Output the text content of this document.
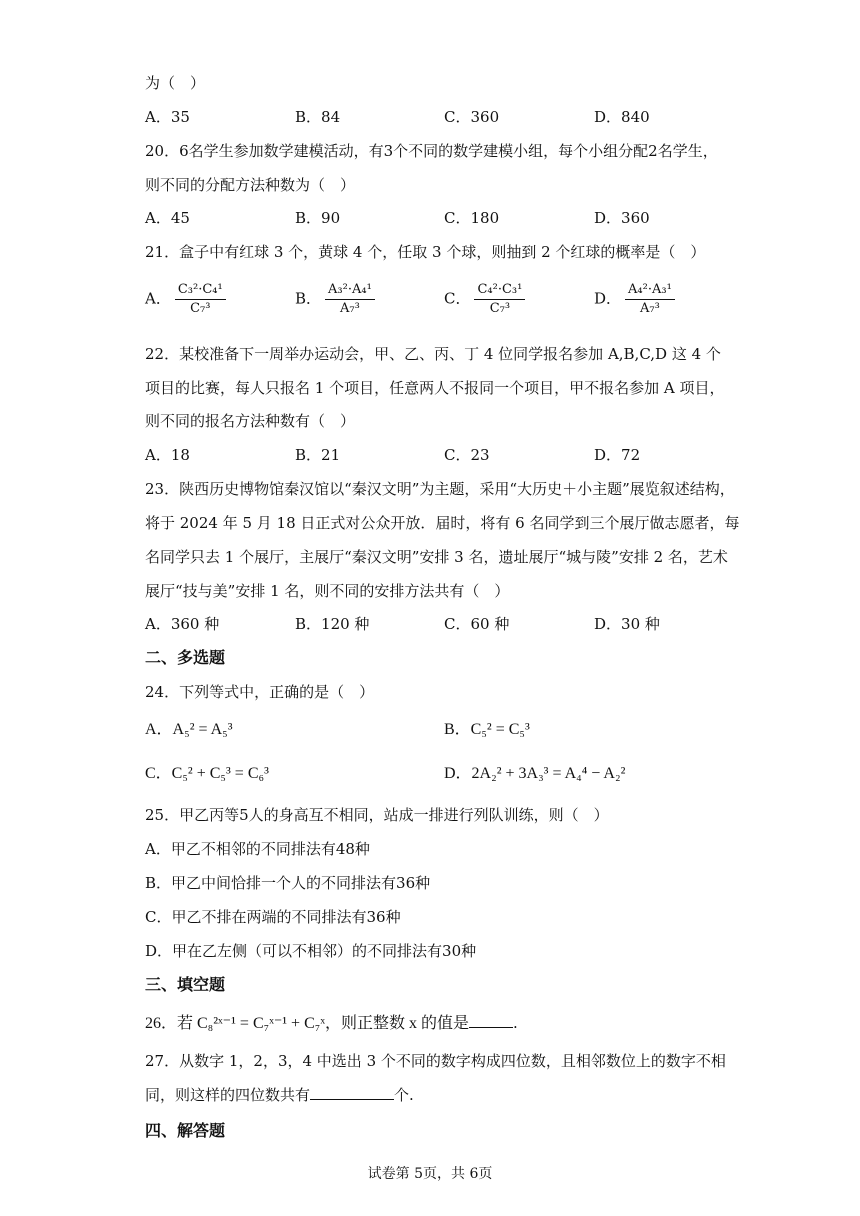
为（　）
A．35	B．84	C．360	D．840
20．6名学生参加数学建模活动，有3个不同的数学建模小组，每个小组分配2名学生，
则不同的分配方法种数为（　）
A．45	B．90	C．180	D．360
21．盒子中有红球 3 个，黄球 4 个，任取 3 个球，则抽到 2 个红球的概率是（　）
A． $\frac{\text{C₃²·C₄¹}}{\text{C₇³}}$	B． $\frac{\text{A₃²·A₄¹}}{\text{A₇³}}$	C． $\frac{\text{C₄²·C₃¹}}{\text{C₇³}}$	D． $\frac{\text{A₄²·A₃¹}}{\text{A₇³}}$
22．某校准备下一周举办运动会，甲、乙、丙、丁 4 位同学报名参加 A,B,C,D 这 4 个
项目的比赛，每人只报名 1 个项目，任意两人不报同一个项目，甲不报名参加 A 项目，
则不同的报名方法种数有（　）
A．18	B．21	C．23	D．72
23．陕西历史博物馆秦汉馆以“秦汉文明”为主题，采用“大历史＋小主题”展览叙述结构，
将于 2024 年 5 月 18 日正式对公众开放．届时，将有 6 名同学到三个展厅做志愿者，每
名同学只去 1 个展厅，主展厅“秦汉文明”安排 3 名，遗址展厅“城与陵”安排 2 名，艺术
展厅“技与美”安排 1 名，则不同的安排方法共有（　）
A．360 种	B．120 种	C．60 种	D．30 种
二、多选题
24．下列等式中，正确的是（　）
A．A₅² = A₅³	B．C₅² = C₅³
C．C₅² + C₅³ = C₆³	D．2A₂² + 3A₃³ = A₄⁴ − A₂²
25．甲乙丙等5人的身高互不相同，站成一排进行列队训练，则（　）
A．甲乙不相邻的不同排法有48种
B．甲乙中间恰排一个人的不同排法有36种
C．甲乙不排在两端的不同排法有36种
D．甲在乙左侧（可以不相邻）的不同排法有30种
三、填空题
26．若 C₈²ˣ⁻¹ = C₇ˣ⁻¹ + C₇ˣ，则正整数 x 的值是	.
27．从数字 1，2，3，4 中选出 3 个不同的数字构成四位数，且相邻数位上的数字不相
同，则这样的四位数共有	个.
四、解答题
试卷第 5页，共 6页
